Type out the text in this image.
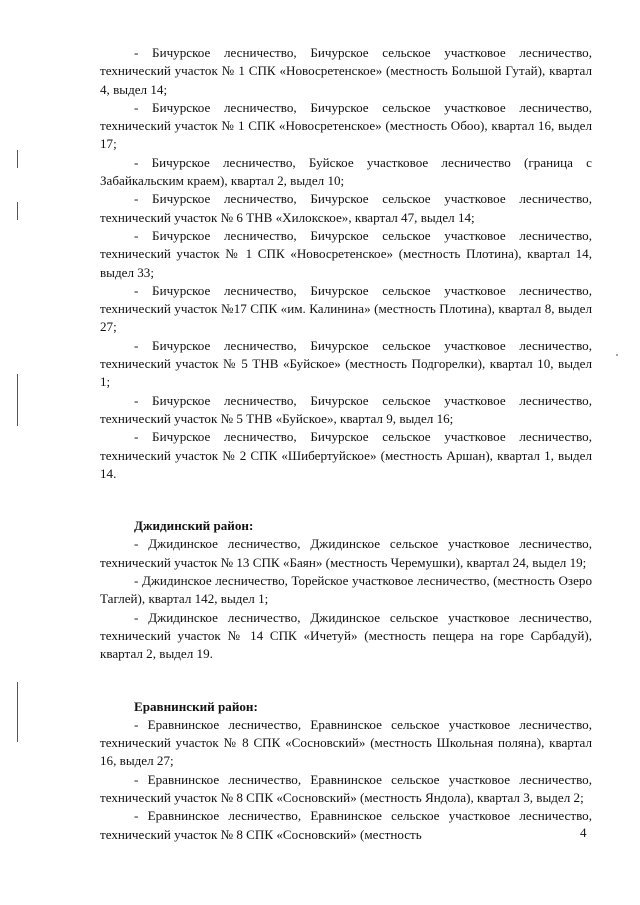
- Бичурское лесничество, Бичурское сельское участковое лесничество, технический участок № 1 СПК «Новосретенское» (местность Большой Гутай), квартал 4, выдел 14;

- Бичурское лесничество, Бичурское сельское участковое лесничество, технический участок № 1 СПК «Новосретенское» (местность Обоо), квартал 16, выдел 17;

- Бичурское лесничество, Буйское участковое лесничество (граница с Забайкальским краем), квартал 2, выдел 10;

- Бичурское лесничество, Бичурское сельское участковое лесничество, технический участок № 6 ТНВ «Хилокское», квартал 47, выдел 14;

- Бичурское лесничество, Бичурское сельское участковое лесничество, технический участок № 1 СПК «Новосретенское» (местность Плотина), квартал 14, выдел 33;

- Бичурское лесничество, Бичурское сельское участковое лесничество, технический участок №17 СПК «им. Калинина» (местность Плотина), квартал 8, выдел 27;

- Бичурское лесничество, Бичурское сельское участковое лесничество, технический участок № 5 ТНВ «Буйское» (местность Подгорелки), квартал 10, выдел 1;

- Бичурское лесничество, Бичурское сельское участковое лесничество, технический участок № 5 ТНВ «Буйское», квартал 9, выдел 16;

- Бичурское лесничество, Бичурское сельское участковое лесничество, технический участок № 2 СПК «Шибертуйское» (местность Аршан), квартал 1, выдел 14.

Джидинский район:

- Джидинское лесничество, Джидинское сельское участковое лесничество, технический участок № 13 СПК «Баян» (местность Черемушки), квартал 24, выдел 19;

- Джидинское лесничество, Торейское участковое лесничество, (местность Озеро Таглей), квартал 142, выдел 1;

- Джидинское лесничество, Джидинское сельское участковое лесничество, технический участок № 14 СПК «Ичетуй» (местность пещера на горе Сарбадуй), квартал 2, выдел 19.

Еравнинский район:

- Еравнинское лесничество, Еравнинское сельское участковое лесничество, технический участок № 8 СПК «Сосновский» (местность Школьная поляна), квартал 16, выдел 27;

- Еравнинское лесничество, Еравнинское сельское участковое лесничество, технический участок № 8 СПК «Сосновский» (местность Яндола), квартал 3, выдел 2;

- Еравнинское лесничество, Еравнинское сельское участковое лесничество, технический участок № 8 СПК «Сосновский» (местность	4
